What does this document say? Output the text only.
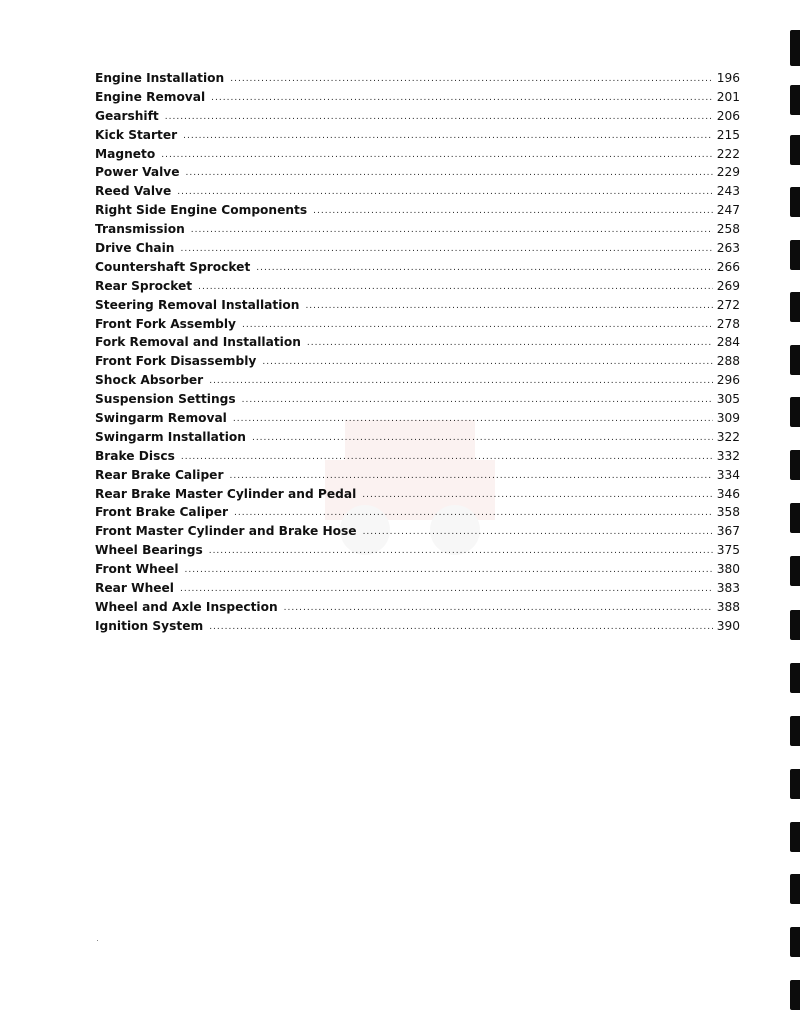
Engine Installation .....	196
Engine Removal .....	201
Gearshift .....	206
Kick Starter .....	215
Magneto .....	222
Power Valve .....	229
Reed Valve .....	243
Right Side Engine Components .....	247
Transmission .....	258
Drive Chain .....	263
Countershaft Sprocket .....	266
Rear Sprocket .....	269
Steering Removal Installation .....	272
Front Fork Assembly .....	278
Fork Removal and Installation .....	284
Front Fork Disassembly .....	288
Shock Absorber .....	296
Suspension Settings .....	305
Swingarm Removal .....	309
Swingarm Installation .....	322
Brake Discs .....	332
Rear Brake Caliper .....	334
Rear Brake Master Cylinder and Pedal .....	346
Front Brake Caliper .....	358
Front Master Cylinder and Brake Hose .....	367
Wheel Bearings .....	375
Front Wheel .....	380
Rear Wheel .....	383
Wheel and Axle Inspection .....	388
Ignition System .....	390
